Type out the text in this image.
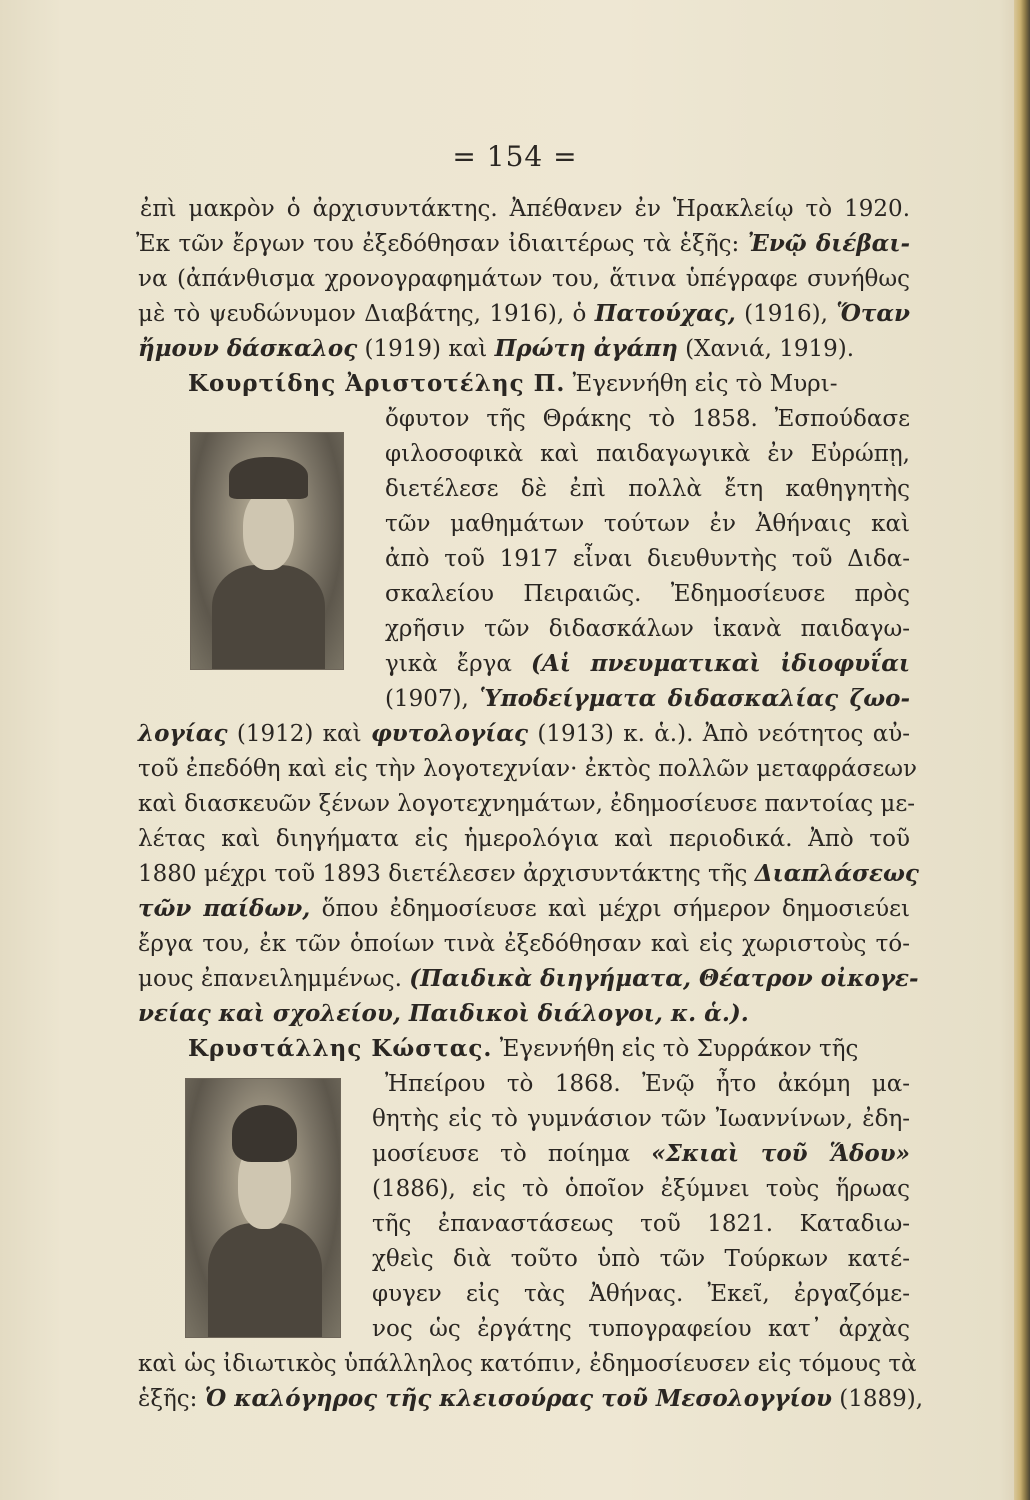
= 154 =
ἐπὶ μακρὸν ὁ ἀρχισυντάκτης. Ἀπέθανεν ἐν Ἡρακλείῳ τὸ 1920.
Ἐκ τῶν ἔργων του ἐξεδόθησαν ἰδιαιτέρως τὰ ἑξῆς: Ἐνῷ διέβαι-
να (ἀπάνθισμα χρονογραφημάτων του, ἅτινα ὑπέγραφε συνήθως
μὲ τὸ ψευδώνυμον Διαβάτης, 1916), ὁ Πατούχας, (1916), Ὅταν
ἤμουν δάσκαλος (1919) καὶ Πρώτη ἀγάπη (Χανιά, 1919).
Κουρτίδης Ἀριστοτέλης Π. Ἐγεννήθη εἰς τὸ Μυρι-
ὄφυτον τῆς Θράκης τὸ 1858. Ἐσπούδασε
φιλοσοφικὰ καὶ παιδαγωγικὰ ἐν Εὐρώπῃ,
διετέλεσε δὲ ἐπὶ πολλὰ ἔτη καθηγητὴς
τῶν μαθημάτων τούτων ἐν Ἀθήναις καὶ
ἀπὸ τοῦ 1917 εἶναι διευθυντὴς τοῦ Διδα-
σκαλείου Πειραιῶς. Ἐδημοσίευσε πρὸς
χρῆσιν τῶν διδασκάλων ἱκανὰ παιδαγω-
γικὰ ἔργα (Αἱ πνευματικαὶ ἰδιοφυΐαι
(1907), Ὑποδείγματα διδασκαλίας ζωο-
λογίας (1912) καὶ φυτολογίας (1913) κ. ἁ.). Ἀπὸ νεότητος αὐ-
τοῦ ἐπεδόθη καὶ εἰς τὴν λογοτεχνίαν· ἐκτὸς πολλῶν μεταφράσεων
καὶ διασκευῶν ξένων λογοτεχνημάτων, ἐδημοσίευσε παντοίας με-
λέτας καὶ διηγήματα εἰς ἡμερολόγια καὶ περιοδικά. Ἀπὸ τοῦ
1880 μέχρι τοῦ 1893 διετέλεσεν ἀρχισυντάκτης τῆς Διαπλάσεως
τῶν παίδων, ὅπου ἐδημοσίευσε καὶ μέχρι σήμερον δημοσιεύει
ἔργα του, ἐκ τῶν ὁποίων τινὰ ἐξεδόθησαν καὶ εἰς χωριστοὺς τό-
μους ἐπανειλημμένως. (Παιδικὰ διηγήματα, Θέατρον οἰκογε-
νείας καὶ σχολείου, Παιδικοὶ διάλογοι, κ. ἁ.).
Κρυστάλλης Κώστας. Ἐγεννήθη εἰς τὸ Συρράκον τῆς
Ἠπείρου τὸ 1868. Ἐνῷ ἦτο ἀκόμη μα-
θητὴς εἰς τὸ γυμνάσιον τῶν Ἰωαννίνων, ἐδη-
μοσίευσε τὸ ποίημα «Σκιαὶ τοῦ Ἅδου»
(1886), εἰς τὸ ὁποῖον ἐξύμνει τοὺς ἥρωας
τῆς ἐπαναστάσεως τοῦ 1821. Καταδιω-
χθεὶς διὰ τοῦτο ὑπὸ τῶν Τούρκων κατέ-
φυγεν εἰς τὰς Ἀθήνας. Ἐκεῖ, ἐργαζόμε-
νος ὡς ἐργάτης τυπογραφείου κατ᾿ ἀρχὰς
καὶ ὡς ἰδιωτικὸς ὑπάλληλος κατόπιν, ἐδημοσίευσεν εἰς τόμους τὰ
ἑξῆς: Ὁ καλόγηρος τῆς κλεισούρας τοῦ Μεσολογγίου (1889),
